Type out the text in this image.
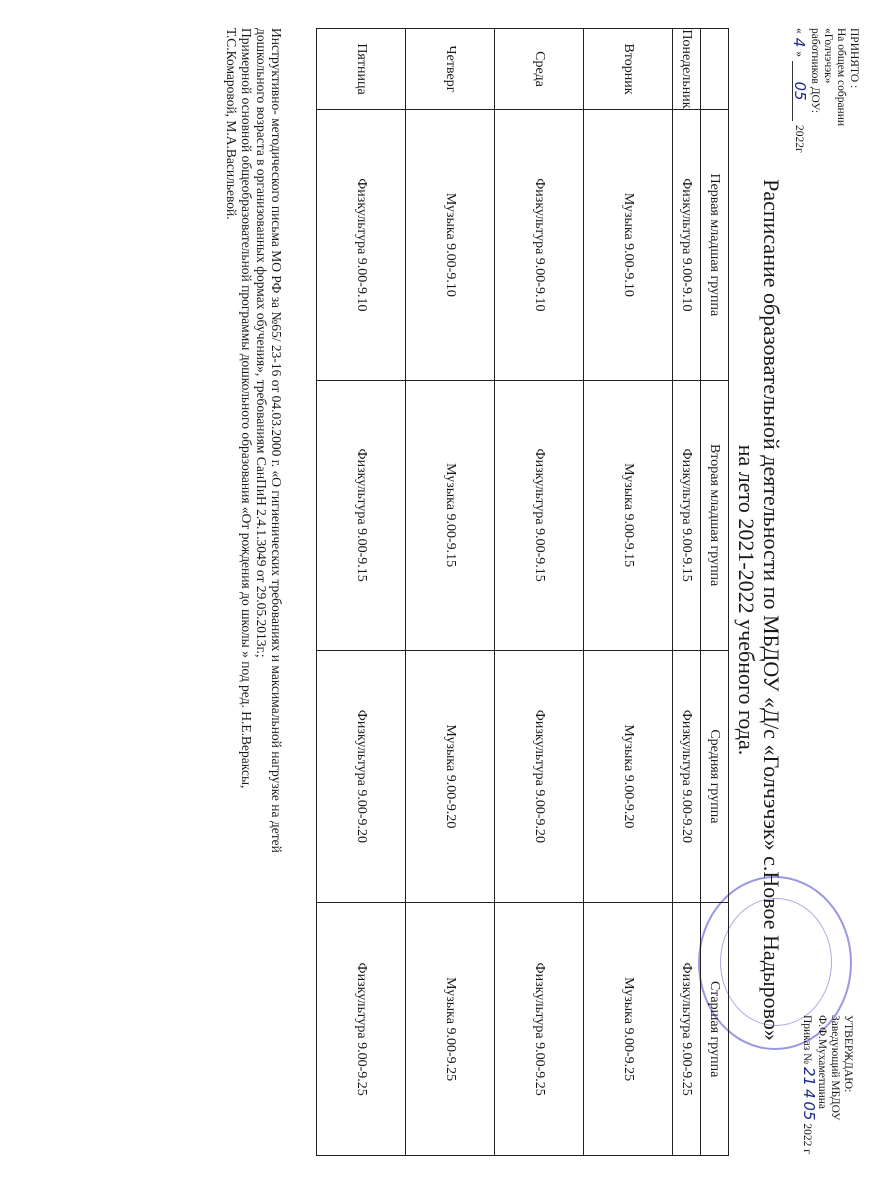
ПРИНЯТО :
На общем собрании
«Голчэчэк»
работников ДОУ:
«
4
»
05
2022г
УТВЕРЖДАЮ:
Заведующий МБДОУ
Ф.Ф.Мухаметшина
Приказ № 21 4 05 2022 г
Расписание образовательной деятельности по МБДОУ «Д/с «Голчэчэк» с.Новое Надырово»
на лето 2021-2022 учебного года.
	Первая младшая группа	Вторая младшая группа	Средняя группа	Старшая группа
Понедельник	Физкультура 9.00-9.10	Физкультура 9.00-9.15	Физкультура 9.00-9.20	Физкультура 9.00-9.25
Вторник	Музыка 9.00-9.10	Музыка 9.00-9.15	Музыка 9.00-9.20	Музыка 9.00-9.25
Среда	Физкультура 9.00-9.10	Физкультура 9.00-9.15	Физкультура 9.00-9.20	Физкультура 9.00-9.25
Четверг	Музыка 9.00-9.10	Музыка 9.00-9.15	Музыка 9.00-9.20	Музыка 9.00-9.25
Пятница	Физкультура 9.00-9.10	Физкультура 9.00-9.15	Физкультура 9.00-9.20	Физкультура 9.00-9.25
Инструктивно- методического письма МО РФ за №65/ 23-16 от 04.03.2000 г. «О гигиенических требованиях и максимальной нагрузке на детей
дошкольного возраста в организованных формах обучения», требованиям СанПиН 2.4.1.3049 от 29.05.2013г.;
Примерной основной общеобразовательной программы дошкольного образования «От рождения до школы » под ред. Н.Е.Вераксы,
Т.С.Комаровой, М.А.Васильевой.
